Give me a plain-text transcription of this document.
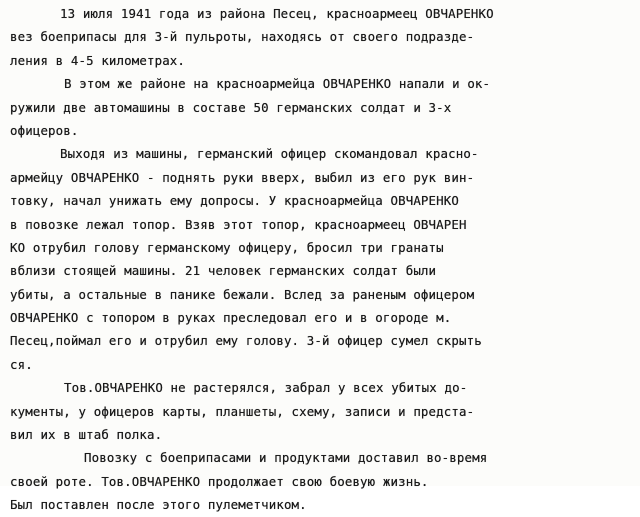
13 июля 1941 года из района Песец, красноармеец ОВЧАРЕНКО
вез боеприпасы для 3-й пульроты, находясь от своего подразде-
ления в 4-5 километрах.
В этом же районе на красноармейца ОВЧАРЕНКО напали и ок-
ружили две автомашины в составе 50 германских солдат и 3-х
офицеров.
Выходя из машины, германский офицер скомандовал красно-
армейцу ОВЧАРЕНКО - поднять руки вверх, выбил из его рук вин-
товку, начал унижать ему допросы. У красноармейца ОВЧАРЕНКО
в повозке лежал топор. Взяв этот топор, красноармеец ОВЧАРЕН
КО отрубил голову германскому офицеру, бросил три гранаты
вблизи стоящей машины. 21 человек германских солдат были
убиты, а остальные в панике бежали. Вслед за раненым офицером
ОВЧАРЕНКО с топором в руках преследовал его и в огороде м.
Песец,поймал его и отрубил ему голову. 3-й офицер сумел скрыть
ся.
Тов.ОВЧАРЕНКО не растерялся, забрал у всех убитых до-
кументы, у офицеров карты, планшеты, схему, записи и предста-
вил их в штаб полка.
Повозку с боеприпасами и продуктами доставил во-время
своей роте. Тов.ОВЧАРЕНКО продолжает свою боевую жизнь.
Был поставлен после этого пулеметчиком.
